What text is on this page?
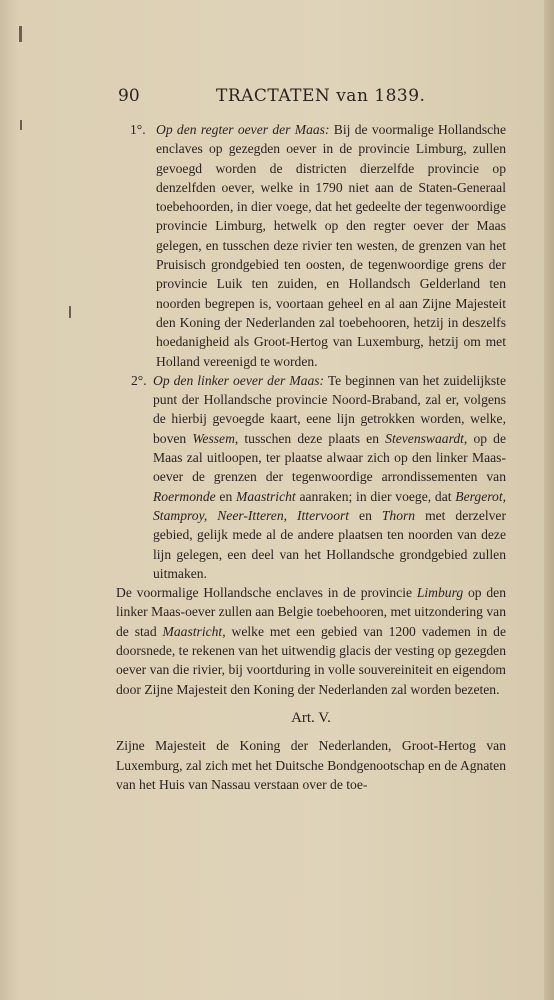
90	TRACTATEN van 1839.

1°. Op den regter oever der Maas: Bij de voormalige Hollandsche enclaves op gezegden oever in de provincie Limburg, zullen gevoegd worden de districten dierzelfde provincie op denzelfden oever, welke in 1790 niet aan de Staten-Generaal toebehoorden, in dier voege, dat het gedeelte der tegenwoordige provincie Limburg, hetwelk op den regter oever der Maas gelegen, en tusschen deze rivier ten westen, de grenzen van het Pruisisch grondgebied ten oosten, de tegenwoordige grens der provincie Luik ten zuiden, en Hollandsch Gelderland ten noorden begrepen is, voortaan geheel en al aan Zijne Majesteit den Koning der Nederlanden zal toebehooren, hetzij in deszelfs hoedanigheid als Groot-Hertog van Luxemburg, hetzij om met Holland vereenigd te worden.

2°. Op den linker oever der Maas: Te beginnen van het zuidelijkste punt der Hollandsche provincie Noord-Braband, zal er, volgens de hierbij gevoegde kaart, eene lijn getrokken worden, welke, boven Wessem, tusschen deze plaats en Stevenswaardt, op de Maas zal uitloopen, ter plaatse alwaar zich op den linker Maas-oever de grenzen der tegenwoordige arrondissementen van Roermonde en Maastricht aanraken; in dier voege, dat Bergerot, Stamproy, Neer-Itteren, Ittervoort en Thorn met derzelver gebied, gelijk mede al de andere plaatsen ten noorden van deze lijn gelegen, een deel van het Hollandsche grondgebied zullen uitmaken.

De voormalige Hollandsche enclaves in de provincie Limburg op den linker Maas-oever zullen aan Belgie toebehooren, met uitzondering van de stad Maastricht, welke met een gebied van 1200 vademen in de doorsnede, te rekenen van het uitwendig glacis der vesting op gezegden oever van die rivier, bij voortduring in volle souvereiniteit en eigendom door Zijne Majesteit den Koning der Nederlanden zal worden bezeten.

Art. V.

Zijne Majesteit de Koning der Nederlanden, Groot-Hertog van Luxemburg, zal zich met het Duitsche Bondgenootschap en de Agnaten van het Huis van Nassau verstaan over de toe-
